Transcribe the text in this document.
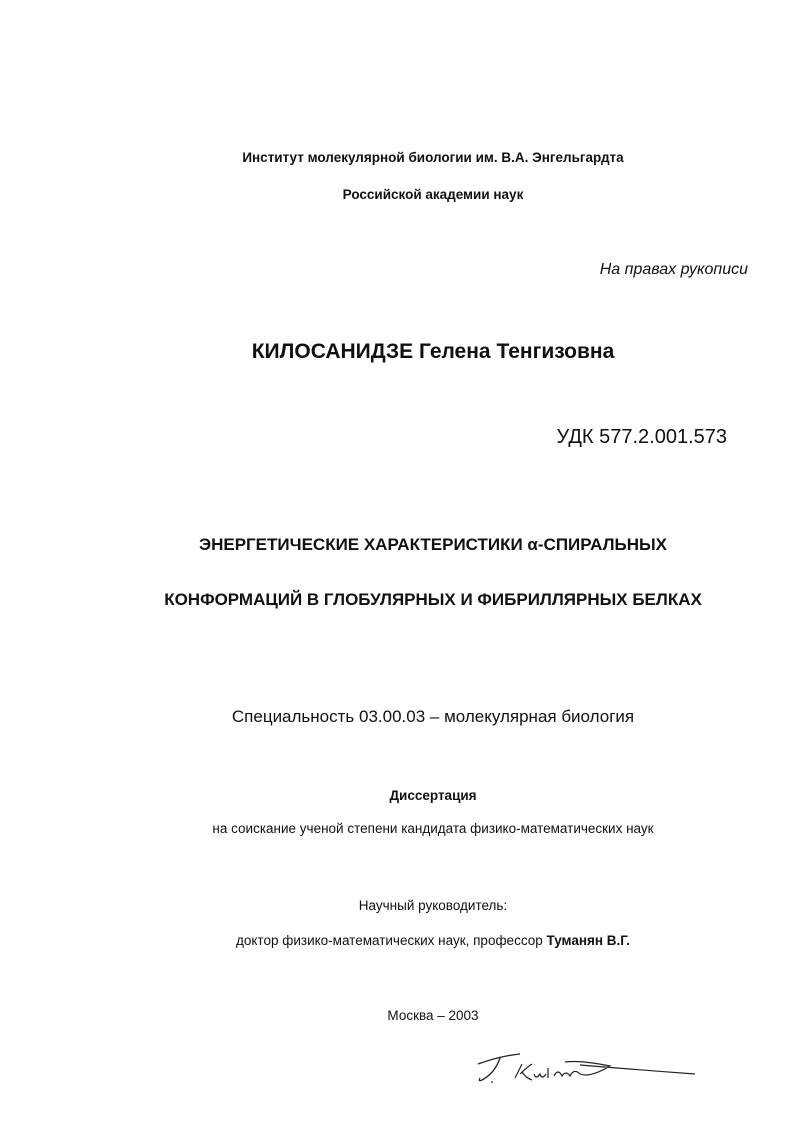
Институт молекулярной биологии им. В.А. Энгельгардта
Российской академии наук
На правах рукописи
КИЛОСАНИДЗЕ Гелена Тенгизовна
УДК 577.2.001.573
ЭНЕРГЕТИЧЕСКИЕ ХАРАКТЕРИСТИКИ α-СПИРАЛЬНЫХ
КОНФОРМАЦИЙ В ГЛОБУЛЯРНЫХ И ФИБРИЛЛЯРНЫХ БЕЛКАХ
Специальность 03.00.03 – молекулярная биология
Диссертация
на соискание ученой степени кандидата физико-математических наук
Научный руководитель:
доктор физико-математических наук, профессор Туманян В.Г.
Москва – 2003
